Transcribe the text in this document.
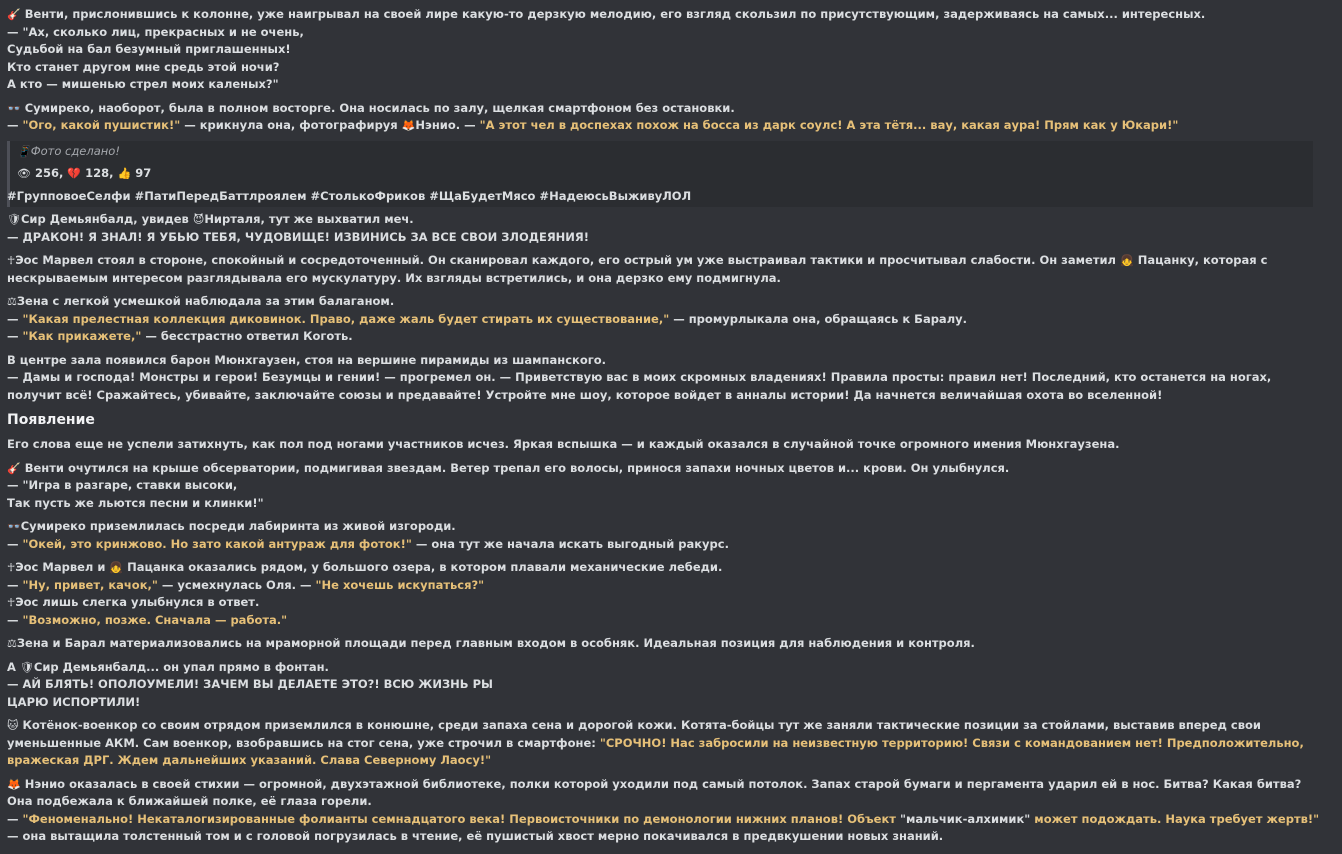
🎸 Венти, прислонившись к колонне, уже наигрывал на своей лире какую-то дерзкую мелодию, его взгляд скользил по присутствующим, задерживаясь на самых... интересных.
— "Ах, сколько лиц, прекрасных и не очень,
Судьбой на бал безумный приглашенных!
Кто станет другом мне средь этой ночи?
А кто — мишенью стрел моих каленых?"
👓 Сумиреко, наоборот, была в полном восторге. Она носилась по залу, щелкая смартфоном без остановки.
— "Ого, какой пушистик!" — крикнула она, фотографируя 🦊Нэнио. — "А этот чел в доспехах похож на босса из дарк соулс! А эта тётя... вау, какая аура! Прям как у Юкари!"
📱Фото сделано!
👁 256, 💔 128, 👍 97
#ГрупповоеСелфи #ПатиПередБаттлроялем #СтолькоФриков #ЩаБудетМясо #НадеюсьВыживуЛОЛ
🛡Сир Демьянбалд, увидев 😈Нирталя, тут же выхватил меч.
— ДРАКОН! Я ЗНАЛ! Я УБЬЮ ТЕБЯ, ЧУДОВИЩЕ! ИЗВИНИСЬ ЗА ВСЕ СВОИ ЗЛОДЕЯНИЯ!
☥Эос Марвел стоял в стороне, спокойный и сосредоточенный. Он сканировал каждого, его острый ум уже выстраивал тактики и просчитывал слабости. Он заметил 👧 Пацанку, которая с нескрываемым интересом разглядывала его мускулатуру. Их взгляды встретились, и она дерзко ему подмигнула.
⚖Зена с легкой усмешкой наблюдала за этим балаганом.
— "Какая прелестная коллекция диковинок. Право, даже жаль будет стирать их существование," — промурлыкала она, обращаясь к Баралу.
— "Как прикажете," — бесстрастно ответил Коготь.
В центре зала появился барон Мюнхгаузен, стоя на вершине пирамиды из шампанского.
— Дамы и господа! Монстры и герои! Безумцы и гении! — прогремел он. — Приветствую вас в моих скромных владениях! Правила просты: правил нет! Последний, кто останется на ногах, получит всё! Сражайтесь, убивайте, заключайте союзы и предавайте! Устройте мне шоу, которое войдет в анналы истории! Да начнется величайшая охота во вселенной!
Появление
Его слова еще не успели затихнуть, как пол под ногами участников исчез. Яркая вспышка — и каждый оказался в случайной точке огромного имения Мюнхгаузена.
🎸 Венти очутился на крыше обсерватории, подмигивая звездам. Ветер трепал его волосы, принося запахи ночных цветов и... крови. Он улыбнулся.
— "Игра в разгаре, ставки высоки,
Так пусть же льются песни и клинки!"
👓Сумиреко приземлилась посреди лабиринта из живой изгороди.
— "Окей, это кринжово. Но зато какой антураж для фоток!" — она тут же начала искать выгодный ракурс.
☥Эос Марвел и 👧 Пацанка оказались рядом, у большого озера, в котором плавали механические лебеди.
— "Ну, привет, качок," — усмехнулась Оля. — "Не хочешь искупаться?"
☥Эос лишь слегка улыбнулся в ответ.
— "Возможно, позже. Сначала — работа."
⚖Зена и Барал материализовались на мраморной площади перед главным входом в особняк. Идеальная позиция для наблюдения и контроля.
А 🛡Сир Демьянбалд... он упал прямо в фонтан.
— АЙ БЛЯТЬ! ОПОЛОУМЕЛИ! ЗАЧЕМ ВЫ ДЕЛАЕТЕ ЭТО?! ВСЮ ЖИЗНЬ РЫ
ЦАРЮ ИСПОРТИЛИ!
🐱 Котёнок-военкор со своим отрядом приземлился в конюшне, среди запаха сена и дорогой кожи. Котята-бойцы тут же заняли тактические позиции за стойлами, выставив вперед свои уменьшенные АКМ. Сам военкор, взобравшись на стог сена, уже строчил в смартфоне: "СРОЧНО! Нас забросили на неизвестную территорию! Связи с командованием нет! Предположительно, вражеская ДРГ. Ждем дальнейших указаний. Слава Северному Лаосу!"
🦊 Нэнио оказалась в своей стихии — огромной, двухэтажной библиотеке, полки которой уходили под самый потолок. Запах старой бумаги и пергамента ударил ей в нос. Битва? Какая битва? Она подбежала к ближайшей полке, её глаза горели.
— "Феноменально! Некаталогизированные фолианты семнадцатого века! Первоисточники по демонологии нижних планов! Объект "мальчик-алхимик" может подождать. Наука требует жертв!" — она вытащила толстенный том и с головой погрузилась в чтение, её пушистый хвост мерно покачивался в предвкушении новых знаний.
